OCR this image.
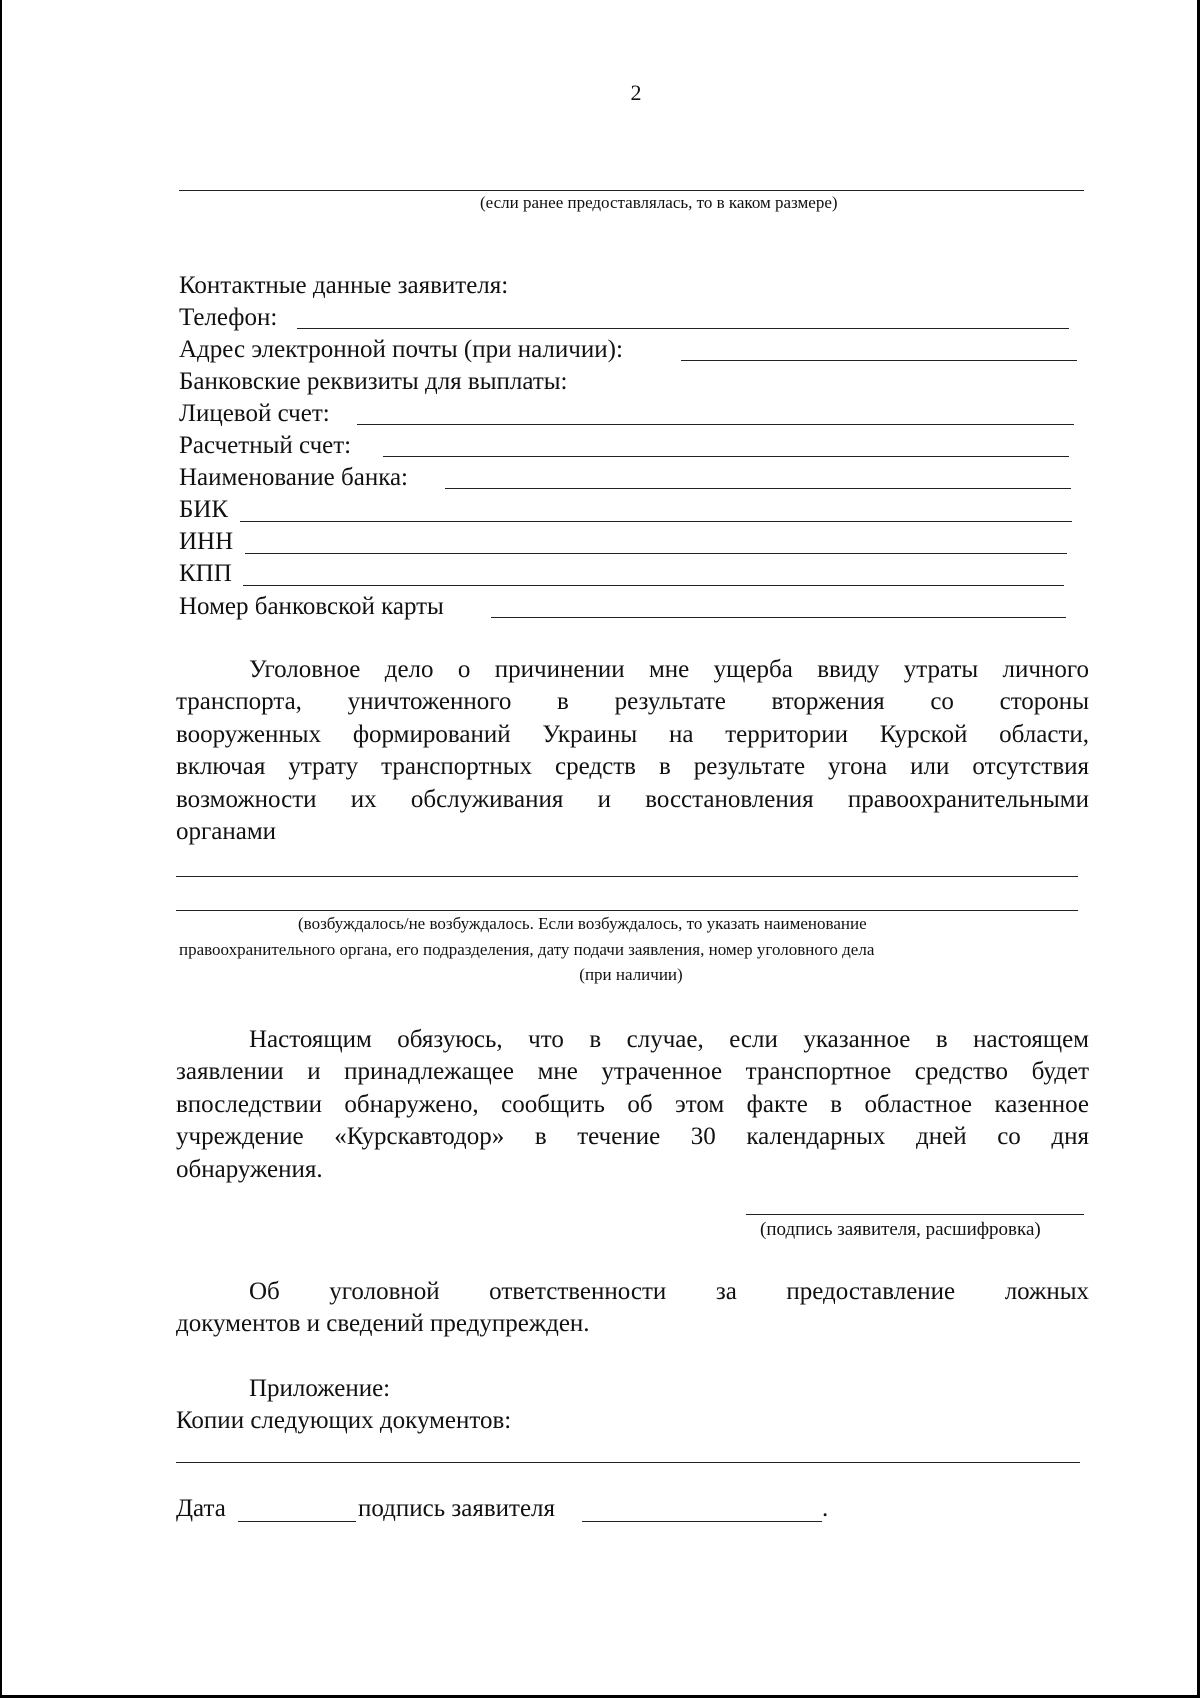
2
(если ранее предоставлялась, то в каком размере)
Контактные данные заявителя:
Телефон:
Адрес электронной почты (при наличии):
Банковские реквизиты для выплаты:
Лицевой счет:
Расчетный счет:
Наименование банка:
БИК
ИНН
КПП
Номер банковской карты
Уголовное дело о причинении мне ущерба ввиду утраты личного
транспорта, уничтоженного в результате вторжения со стороны
вооруженных формирований Украины на территории Курской области,
включая утрату транспортных средств в результате угона или отсутствия
возможности их обслуживания и восстановления правоохранительными
органами
(возбуждалось/не возбуждалось. Если возбуждалось, то указать наименование
правоохранительного органа, его подразделения, дату подачи заявления, номер уголовного дела
(при наличии)
Настоящим обязуюсь, что в случае, если указанное в настоящем
заявлении и принадлежащее мне утраченное транспортное средство будет
впоследствии обнаружено, сообщить об этом факте в областное казенное
учреждение «Курскавтодор» в течение 30 календарных дней со дня
обнаружения.
(подпись заявителя, расшифровка)
Об уголовной ответственности за предоставление ложных
документов и сведений предупрежден.
Приложение:
Копии следующих документов:
Дата	подпись заявителя	.
